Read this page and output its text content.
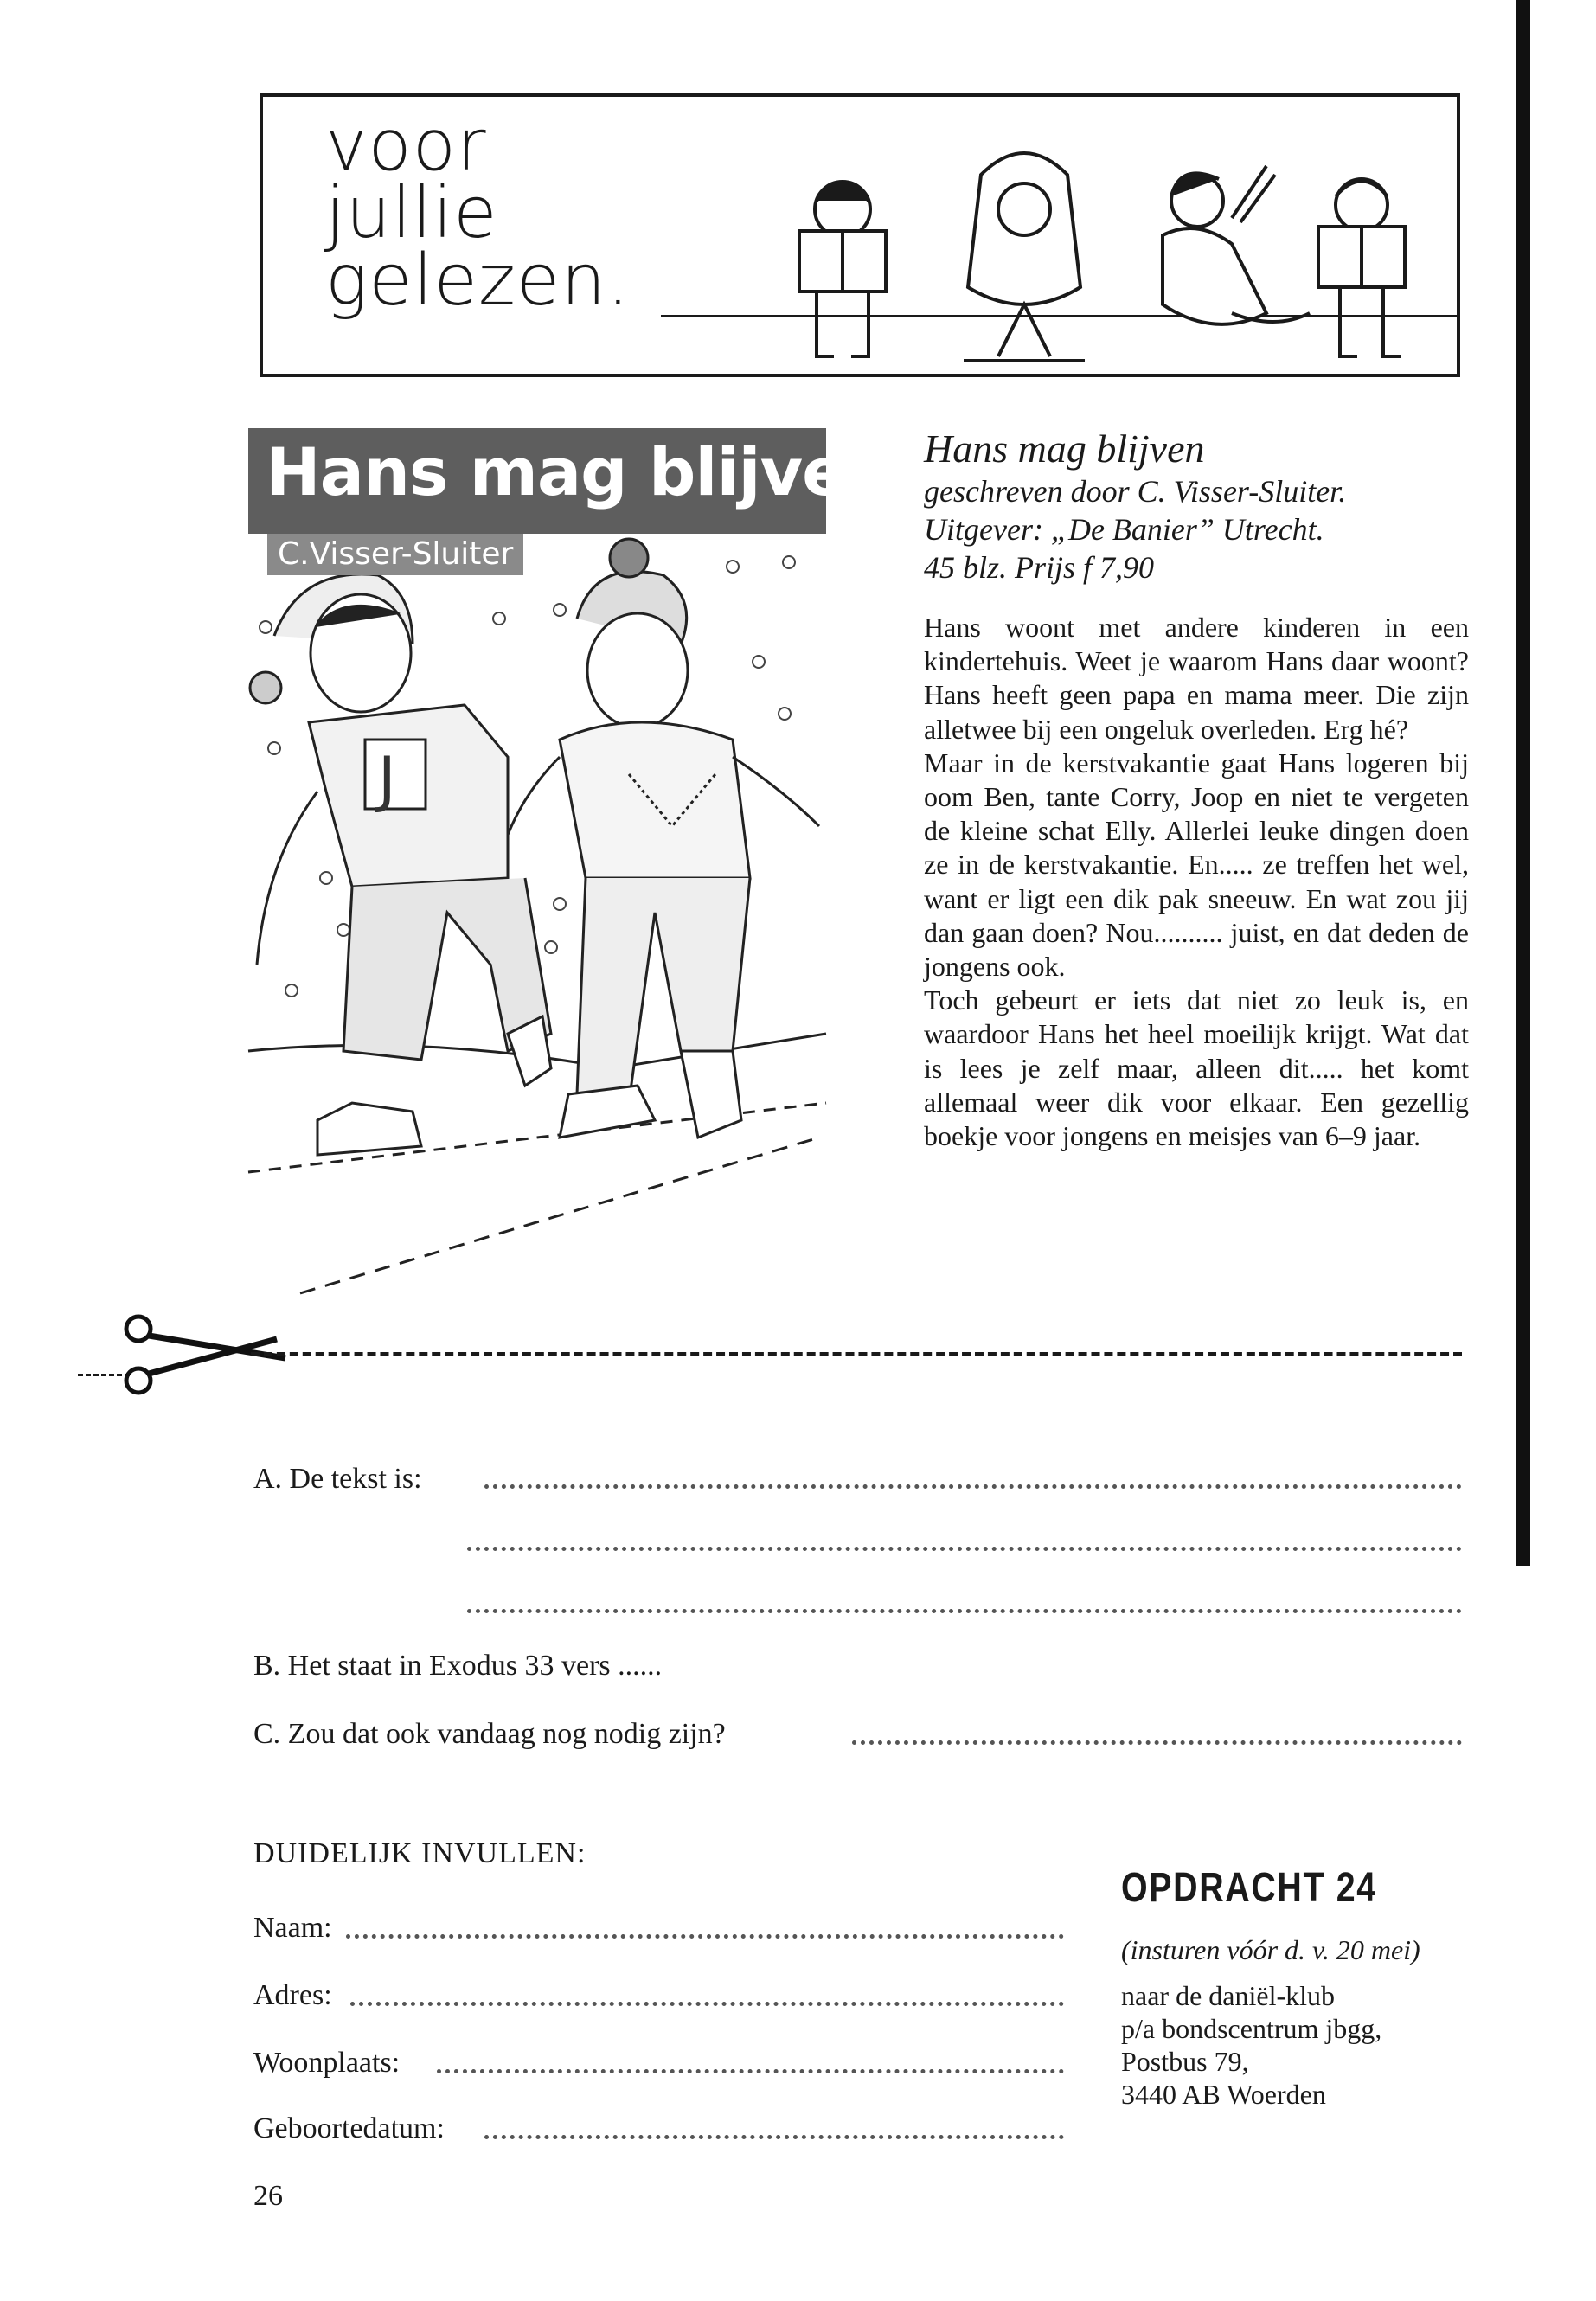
voor
jullie
gelezen.
J
Hans mag blijven
C.Visser-Sluiter

Hans mag blijven

geschreven door C. Visser-Sluiter.

Uitgever: „De Banier” Utrecht.

45 blz. Prijs f 7,90

Hans woont met andere kinderen in een kindertehuis. Weet je waarom Hans daar woont? Hans heeft geen papa en mama meer. Die zijn alletwee bij een ongeluk overleden. Erg hé?

Maar in de kerstvakantie gaat Hans logeren bij oom Ben, tante Corry, Joop en niet te vergeten de kleine schat Elly. Allerlei leuke dingen doen ze in de kerstvakantie. En..... ze treffen het wel, want er ligt een dik pak sneeuw. En wat zou jij dan gaan doen? Nou.......... juist, en dat deden de jongens ook.

Toch gebeurt er iets dat niet zo leuk is, en waardoor Hans het heel moeilijk krijgt. Wat dat is lees je zelf maar, alleen dit..... het komt allemaal weer dik voor elkaar. Een gezellig boekje voor jongens en meisjes van 6–9 jaar.

A. De tekst is:
B. Het staat in Exodus 33 vers ......
C. Zou dat ook vandaag nog nodig zijn?
DUIDELIJK INVULLEN:
Naam:
Adres:
Woonplaats:
Geboortedatum:
OPDRACHT 24
(insturen vóór d. v. 20 mei)
naar de daniël-klub
p/a bondscentrum jbgg,
Postbus 79,
3440 AB Woerden
26
